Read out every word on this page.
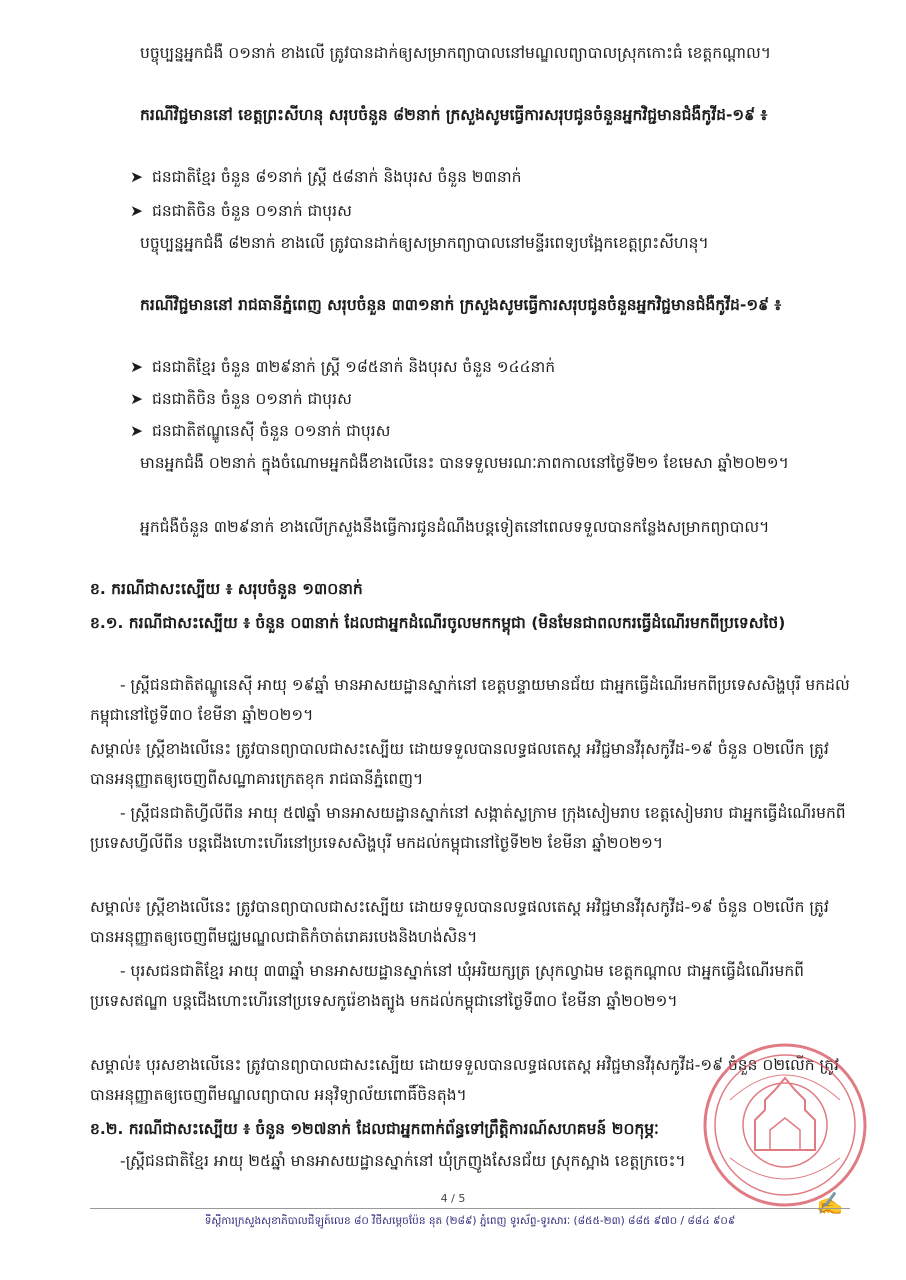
បច្ចុប្បន្នអ្នកជំងឺ ០១នាក់ ខាងលើ ត្រូវបានដាក់ឲ្យសម្រាកព្យាបាលនៅមណ្ឌលព្យាបាលស្រុកកោះធំ ខេត្តកណ្តាល។

ករណីវិជ្ជមាននៅ ខេត្តព្រះសីហនុ សរុបចំនួន ៨២នាក់ ក្រសួងសូមធ្វើការសរុបជូនចំនួនអ្នកវិជ្ជមានជំងឺកូវីដ-១៩ ៖

➤ ជនជាតិខ្មែរ ចំនួន ៨១នាក់ ស្ត្រី ៥៨នាក់ និងបុរស ចំនួន ២៣នាក់
➤ ជនជាតិចិន ចំនួន ០១នាក់ ជាបុរស

បច្ចុប្បន្នអ្នកជំងឺ ៨២នាក់ ខាងលើ ត្រូវបានដាក់ឲ្យសម្រាកព្យាបាលនៅមន្ទីរពេទ្យបង្អែកខេត្តព្រះសីហនុ។

ករណីវិជ្ជមាននៅ រាជធានីភ្នំពេញ សរុបចំនួន ៣៣១នាក់ ក្រសួងសូមធ្វើការសរុបជូនចំនួនអ្នកវិជ្ជមានជំងឺកូវីដ-១៩ ៖

➤ ជនជាតិខ្មែរ ចំនួន ៣២៩នាក់ ស្ត្រី ១៨៥នាក់ និងបុរស ចំនួន ១៤៤នាក់
➤ ជនជាតិចិន ចំនួន ០១នាក់ ជាបុរស
➤ ជនជាតិឥណ្ឌូនេស៊ី ចំនួន ០១នាក់ ជាបុរស

មានអ្នកជំងឺ ០២នាក់ ក្នុងចំណោមអ្នកជំងឺខាងលើនេះ បានទទួលមរណៈភាពកាលនៅថ្ងៃទី២១ ខែមេសា ឆ្នាំ២០២១។

អ្នកជំងឺចំនួន ៣២៩នាក់ ខាងលើក្រសួងនឹងធ្វើការជូនដំណឹងបន្តទៀតនៅពេលទទួលបានកន្លែងសម្រាកព្យាបាល។

ខ. ករណីជាសះស្បើយ ៖ សរុបចំនួន ១៣០នាក់

ខ.១. ករណីជាសះស្បើយ ៖ ចំនួន ០៣នាក់ ដែលជាអ្នកដំណើរចូលមកកម្ពុជា (មិនមែនជាពលករធ្វើដំណើរមកពីប្រទេសថៃ)

- ស្ត្រីជនជាតិឥណ្ឌូនេស៊ី អាយុ ១៩ឆ្នាំ មានអាសយដ្ឋានស្នាក់នៅ ខេត្តបន្ទាយមានជ័យ ជាអ្នកធ្វើដំណើរមកពីប្រទេសសិង្ហបុរី មកដល់កម្ពុជានៅថ្ងៃទី៣០ ខែមីនា ឆ្នាំ២០២១។

សម្គាល់៖ ស្ត្រីខាងលើនេះ ត្រូវបានព្យាបាលជាសះស្បើយ ដោយទទួលបានលទ្ធផលតេស្ត អវិជ្ជមានវីរុសកូវីដ-១៩ ចំនួន ០២លើក ត្រូវបានអនុញ្ញាតឲ្យចេញពីសណ្ឋាគារក្រេតខុក រាជធានីភ្នំពេញ។

- ស្ត្រីជនជាតិហ្វីលីពីន អាយុ ៥៧ឆ្នាំ មានអាសយដ្ឋានស្នាក់នៅ សង្កាត់ស្លក្រាម ក្រុងសៀមរាប ខេត្តសៀមរាប ជាអ្នកធ្វើដំណើរមកពីប្រទេសហ្វីលីពីន បន្តជើងហោះហើរនៅប្រទេសសិង្ហបុរី មកដល់កម្ពុជានៅថ្ងៃទី២២ ខែមីនា ឆ្នាំ២០២១។

សម្គាល់៖ ស្ត្រីខាងលើនេះ ត្រូវបានព្យាបាលជាសះស្បើយ ដោយទទួលបានលទ្ធផលតេស្ត អវិជ្ជមានវីរុសកូវីដ-១៩ ចំនួន ០២លើក ត្រូវបានអនុញ្ញាតឲ្យចេញពីមជ្ឈមណ្ឌលជាតិកំចាត់រោគរបេងនិងហង់សិន។

- បុរសជនជាតិខ្មែរ អាយុ ៣៣ឆ្នាំ មានអាសយដ្ឋានស្នាក់នៅ ឃុំអរិយក្សត្រ ស្រុកល្វាឯម ខេត្តកណ្តាល ជាអ្នកធ្វើដំណើរមកពីប្រទេសឥណ្ឌា បន្តជើងហោះហើរនៅប្រទេសកូរ៉េខាងត្បូង មកដល់កម្ពុជានៅថ្ងៃទី៣០ ខែមីនា ឆ្នាំ២០២១។

សម្គាល់៖ បុរសខាងលើនេះ ត្រូវបានព្យាបាលជាសះស្បើយ ដោយទទួលបានលទ្ធផលតេស្ត អវិជ្ជមានវីរុសកូវីដ-១៩ ចំនួន ០២លើក ត្រូវបានអនុញ្ញាតឲ្យចេញពីមណ្ឌលព្យាបាល អនុវិទ្យាល័យពោធិ៍ចិនតុង។

ខ.២. ករណីជាសះស្បើយ ៖ ចំនួន ១២៧នាក់ ដែលជាអ្នកពាក់ព័ន្ធទៅព្រឹត្តិការណ៍សហគមន៍ ២០កុម្ភៈ

-ស្ត្រីជនជាតិខ្មែរ អាយុ ២៥ឆ្នាំ មានអាសយដ្ឋានស្នាក់នៅ ឃុំក្រញូងសែនជ័យ ស្រុកស្អាង ខេត្តក្រចេះ។

4 / 5	✍
ទីស្តីការក្រសួងសុខាភិបាលជីឡូត៍លេខ ៨០ វិថីសម្តេចប៉ែន នុត (២៨៩) ភ្នំពេញ ទូរស័ព្ទ-ទូរសារៈ (៨៥៥-២៣) ៨៨៥ ៩៧០ / ៨៨៤ ៩០៩
